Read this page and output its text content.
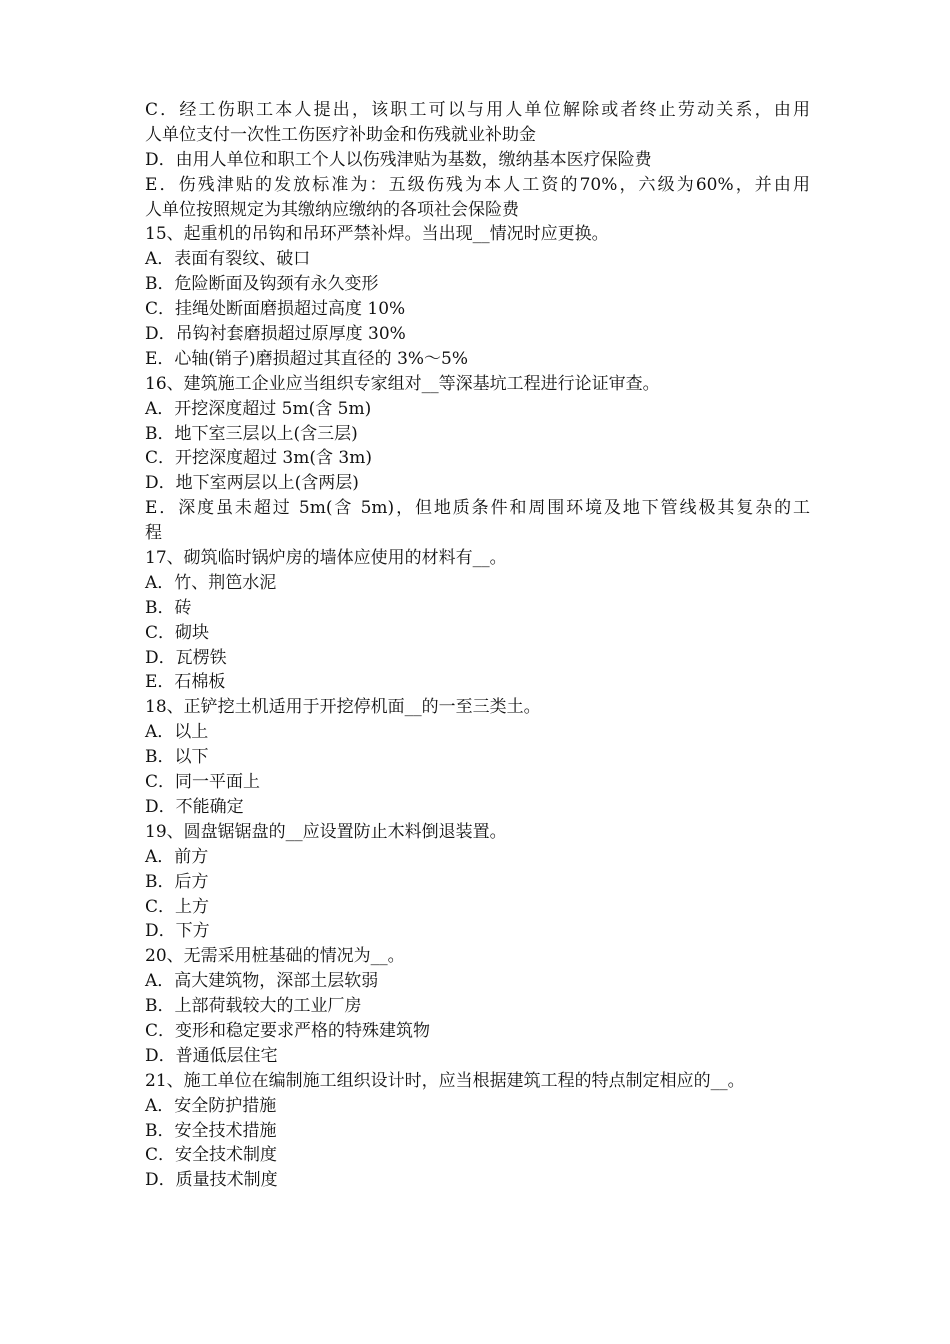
C．经工伤职工本人提出，该职工可以与用人单位解除或者终止劳动关系，由用
人单位支付一次性工伤医疗补助金和伤残就业补助金
D．由用人单位和职工个人以伤残津贴为基数，缴纳基本医疗保险费
E．伤残津贴的发放标准为：五级伤残为本人工资的70%，六级为60%，并由用
人单位按照规定为其缴纳应缴纳的各项社会保险费
15、起重机的吊钩和吊环严禁补焊。当出现__情况时应更换。
A．表面有裂纹、破口
B．危险断面及钩颈有永久变形
C．挂绳处断面磨损超过高度 10%
D．吊钩衬套磨损超过原厚度 30%
E．心轴(销子)磨损超过其直径的 3%～5%
16、建筑施工企业应当组织专家组对__等深基坑工程进行论证审查。
A．开挖深度超过 5m(含 5m)
B．地下室三层以上(含三层)
C．开挖深度超过 3m(含 3m)
D．地下室两层以上(含两层)
E．深度虽未超过 5m(含 5m)，但地质条件和周围环境及地下管线极其复杂的工
程
17、砌筑临时锅炉房的墙体应使用的材料有__。
A．竹、荆笆水泥
B．砖
C．砌块
D．瓦楞铁
E．石棉板
18、正铲挖土机适用于开挖停机面__的一至三类土。
A．以上
B．以下
C．同一平面上
D．不能确定
19、圆盘锯锯盘的__应设置防止木料倒退装置。
A．前方
B．后方
C．上方
D．下方
20、无需采用桩基础的情况为__。
A．高大建筑物，深部土层软弱
B．上部荷载较大的工业厂房
C．变形和稳定要求严格的特殊建筑物
D．普通低层住宅
21、施工单位在编制施工组织设计时，应当根据建筑工程的特点制定相应的__。
A．安全防护措施
B．安全技术措施
C．安全技术制度
D．质量技术制度
